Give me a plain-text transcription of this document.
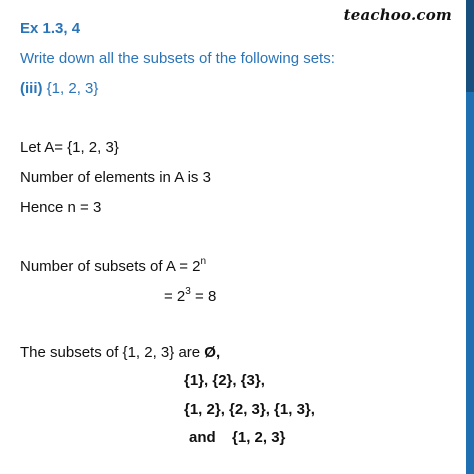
teachoo.com
Ex 1.3, 4
Write down all the subsets of the following sets:
(iii) {1, 2, 3}
Let A= {1, 2, 3}
Number of elements in A is 3
Hence n = 3
Number of subsets of $A = 2^n$
= $2^3 = 8$
The subsets of {1, 2, 3} are Ø,
{1}, {2}, {3},
{1, 2}, {2, 3}, {1, 3},
and {1, 2, 3}
